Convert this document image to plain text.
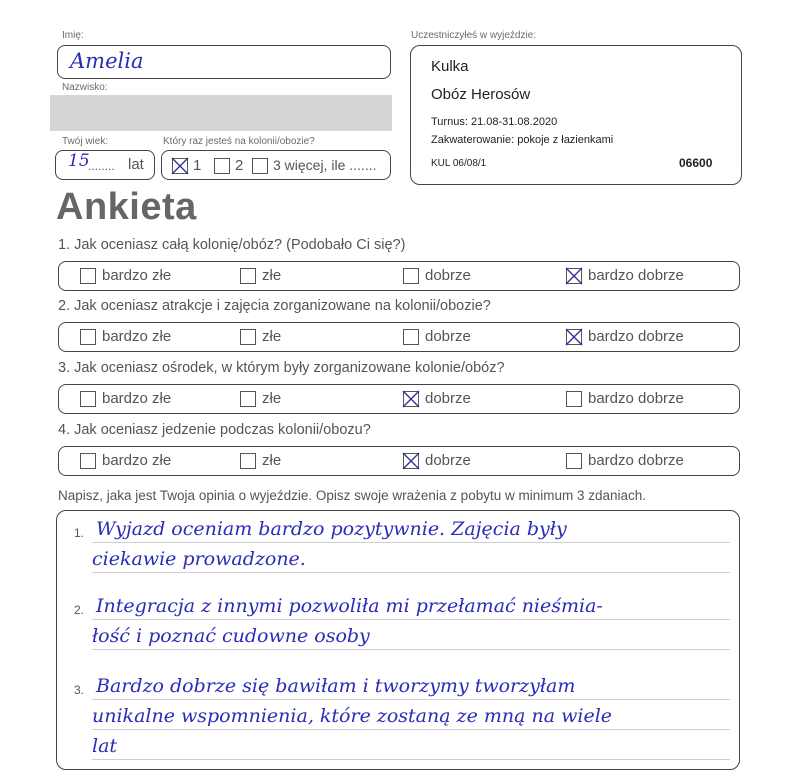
Imię:
Amelia
Nazwisko:
Twój wiek:
15
........ lat
Który raz jesteś na kolonii/obozie?
1 2 3 więcej, ile .......
Uczestniczyłeś w wyjeździe:
Kulka
Obóz Herosów
Turnus: 21.08-31.08.2020
Zakwaterowanie: pokoje z łazienkami
KUL 06/08/1	06600
Ankieta
1. Jak oceniasz całą kolonię/obóz? (Podobało Ci się?)
bardzo złe	złe	dobrze	bardzo dobrze
2. Jak oceniasz atrakcje i zajęcia zorganizowane na kolonii/obozie?
bardzo złe	złe	dobrze	bardzo dobrze
3. Jak oceniasz ośrodek, w którym były zorganizowane kolonie/obóz?
bardzo złe	złe	dobrze	bardzo dobrze
4. Jak oceniasz jedzenie podczas kolonii/obozu?
bardzo złe	złe	dobrze	bardzo dobrze
Napisz, jaka jest Twoja opinia o wyjeździe. Opisz swoje wrażenia z pobytu w minimum 3 zdaniach.
1. Wyjazd oceniam bardzo pozytywnie. Zajęcia były
ciekawie prowadzone.
2. Integracja z innymi pozwoliła mi przełamać nieśmia-
łość i poznać cudowne osoby
3. Bardzo dobrze się bawiłam i tworzymy tworzyłam
unikalne wspomnienia, które zostaną ze mną na wiele
lat
